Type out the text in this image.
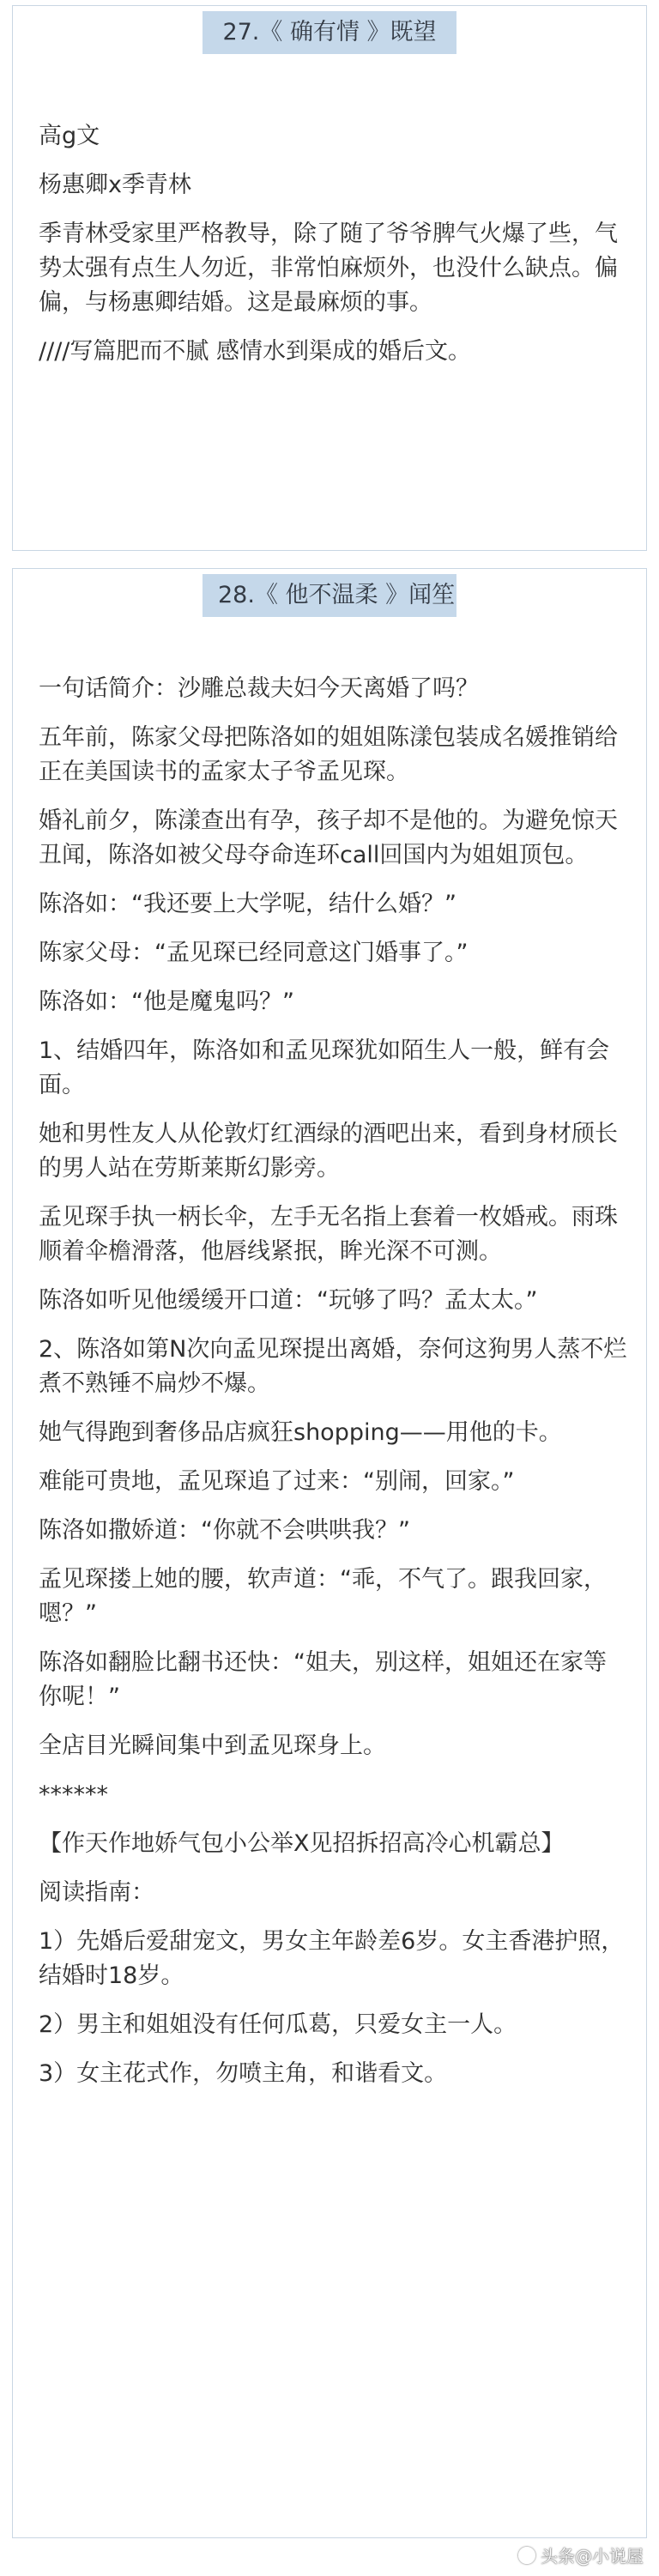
27.《 确有情 》既望
高g文
杨惠卿x季青林
季青林受家里严格教导，除了随了爷爷脾气火爆了些，气势太强有点生人勿近，非常怕麻烦外，也没什么缺点。偏偏，与杨惠卿结婚。这是最麻烦的事。
////写篇肥而不腻 感情水到渠成的婚后文。
28.《 他不温柔 》闻笙
一句话简介：沙雕总裁夫妇今天离婚了吗？
五年前，陈家父母把陈洛如的姐姐陈漾包装成名媛推销给正在美国读书的孟家太子爷孟见琛。
婚礼前夕，陈漾查出有孕，孩子却不是他的。为避免惊天丑闻，陈洛如被父母夺命连环call回国内为姐姐顶包。
陈洛如：“我还要上大学呢，结什么婚？”
陈家父母：“孟见琛已经同意这门婚事了。”
陈洛如：“他是魔鬼吗？”
1、结婚四年，陈洛如和孟见琛犹如陌生人一般，鲜有会面。
她和男性友人从伦敦灯红酒绿的酒吧出来，看到身材颀长的男人站在劳斯莱斯幻影旁。
孟见琛手执一柄长伞，左手无名指上套着一枚婚戒。雨珠顺着伞檐滑落，他唇线紧抿，眸光深不可测。
陈洛如听见他缓缓开口道：“玩够了吗？孟太太。”
2、陈洛如第N次向孟见琛提出离婚，奈何这狗男人蒸不烂煮不熟锤不扁炒不爆。
她气得跑到奢侈品店疯狂shopping——用他的卡。
难能可贵地，孟见琛追了过来：“别闹，回家。”
陈洛如撒娇道：“你就不会哄哄我？”
孟见琛搂上她的腰，软声道：“乖，不气了。跟我回家，嗯？”
陈洛如翻脸比翻书还快：“姐夫，别这样，姐姐还在家等你呢！”
全店目光瞬间集中到孟见琛身上。
******
【作天作地娇气包小公举X见招拆招高冷心机霸总】
阅读指南：
1）先婚后爱甜宠文，男女主年龄差6岁。女主香港护照，结婚时18岁。
2）男主和姐姐没有任何瓜葛，只爱女主一人。
3）女主花式作，勿喷主角，和谐看文。
头条@小说屋
